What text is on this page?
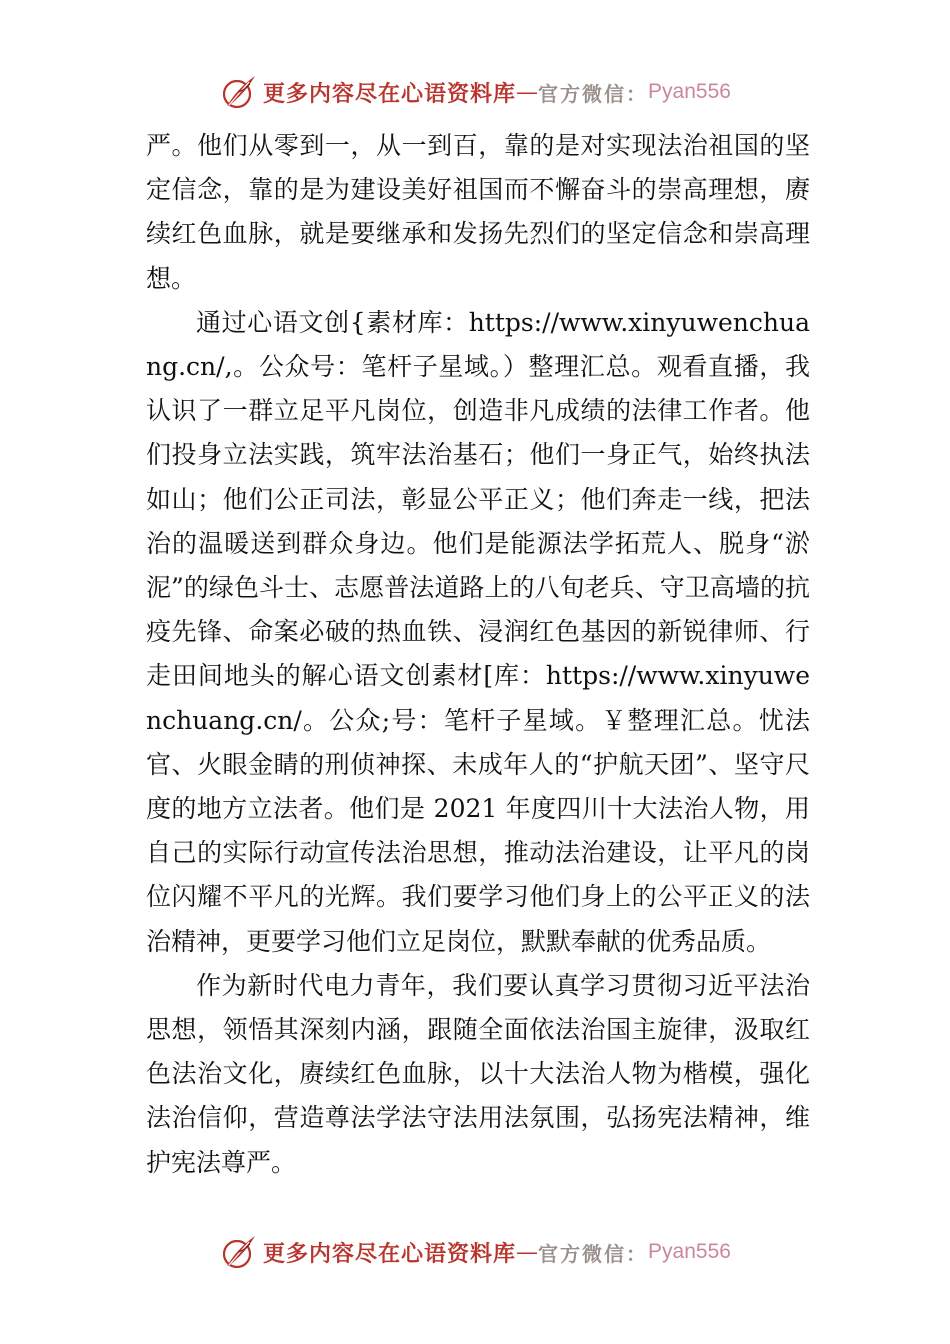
更多内容尽在心语资料库 — 官方微信： Pyan556

严。他们从零到一，从一到百，靠的是对实现法治祖国的坚定信念，靠的是为建设美好祖国而不懈奋斗的崇高理想，赓续红色血脉，就是要继承和发扬先烈们的坚定信念和崇高理想。

通过心语文创{素材库：https://www.xinyuwenchuang.cn/,。公众号：笔杆子星域。）整理汇总。观看直播，我认识了一群立足平凡岗位，创造非凡成绩的法律工作者。他们投身立法实践，筑牢法治基石；他们一身正气，始终执法如山；他们公正司法，彰显公平正义；他们奔走一线，把法治的温暖送到群众身边。他们是能源法学拓荒人、脱身“淤泥”的绿色斗士、志愿普法道路上的八旬老兵、守卫高墙的抗疫先锋、命案必破的热血铁、浸润红色基因的新锐律师、行走田间地头的解心语文创素材[库：https://www.xinyuwenchuang.cn/。公众;号：笔杆子星域。￥整理汇总。忧法官、火眼金睛的刑侦神探、未成年人的“护航天团”、坚守尺度的地方立法者。他们是 2021 年度四川十大法治人物，用自己的实际行动宣传法治思想，推动法治建设，让平凡的岗位闪耀不平凡的光辉。我们要学习他们身上的公平正义的法治精神，更要学习他们立足岗位，默默奉献的优秀品质。

作为新时代电力青年，我们要认真学习贯彻习近平法治思想，领悟其深刻内涵，跟随全面依法治国主旋律，汲取红色法治文化，赓续红色血脉，以十大法治人物为楷模，强化法治信仰，营造尊法学法守法用法氛围，弘扬宪法精神，维护宪法尊严。

更多内容尽在心语资料库 — 官方微信： Pyan556
